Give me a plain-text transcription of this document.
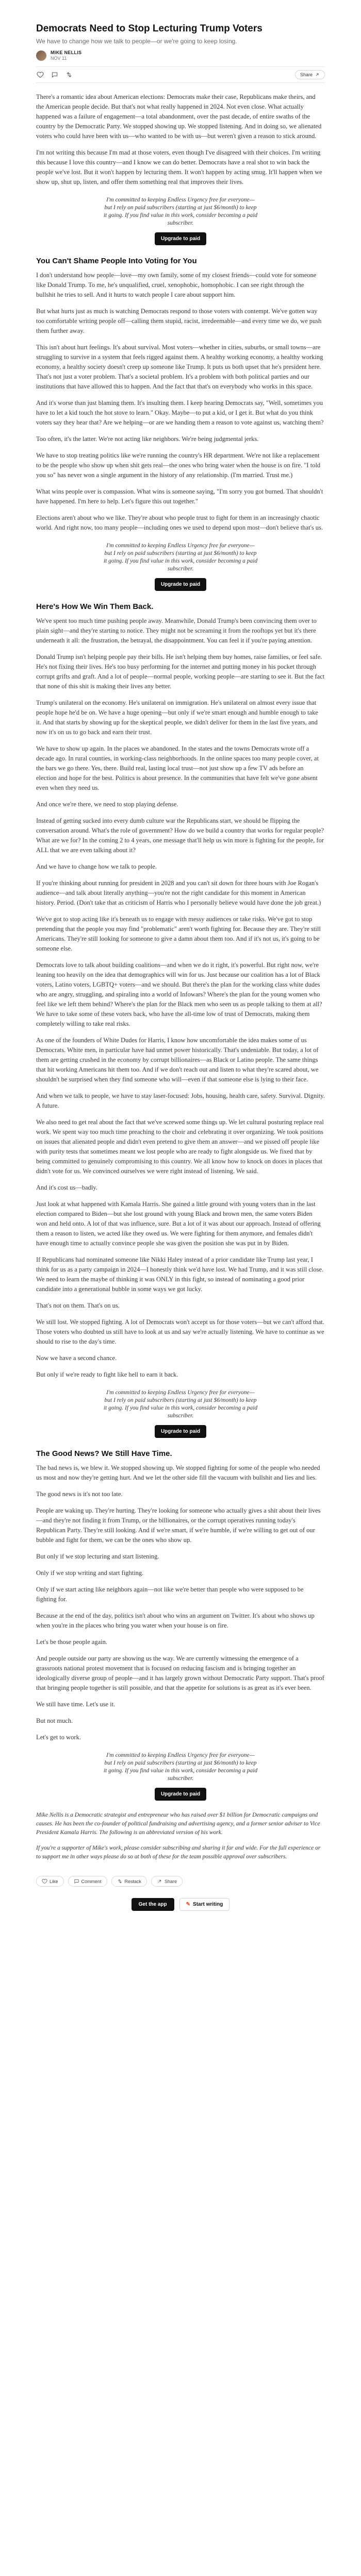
Democrats Need to Stop Lecturing Trump Voters

We have to change how we talk to people—or we're going to keep losing.

MIKE NELLIS
NOV 11
Share

There's a romantic idea about American elections: Democrats make their case, Republicans make theirs, and the American people decide. But that's not what really happened in 2024. Not even close. What actually happened was a failure of engagement—a total abandonment, over the past decade, of entire swaths of the country by the Democratic Party. We stopped showing up. We stopped listening. And in doing so, we alienated voters who could have been with us—who wanted to be with us—but weren't given a reason to stick around.

I'm not writing this because I'm mad at those voters, even though I've disagreed with their choices. I'm writing this because I love this country—and I know we can do better. Democrats have a real shot to win back the people we've lost. But it won't happen by lecturing them. It won't happen by acting smug. It'll happen when we show up, shut up, listen, and offer them something real that improves their lives.

I'm committed to keeping Endless Urgency free for everyone—but I rely on paid subscribers (starting at just $6/month) to keep it going. If you find value in this work, consider becoming a paid subscriber.

Upgrade to paid
You Can't Shame People Into Voting for You

I don't understand how people—love—my own family, some of my closest friends—could vote for someone like Donald Trump. To me, he's unqualified, cruel, xenophobic, homophobic. I can see right through the bullshit he tries to sell. And it hurts to watch people I care about support him.

But what hurts just as much is watching Democrats respond to those voters with contempt. We've gotten way too comfortable writing people off—calling them stupid, racist, irredeemable—and every time we do, we push them further away.

This isn't about hurt feelings. It's about survival. Most voters—whether in cities, suburbs, or small towns—are struggling to survive in a system that feels rigged against them. A healthy working economy, a healthy working economy, a healthy society doesn't creep up someone like Trump. It puts us both upset that he's president here. That's not just a voter problem. That's a societal problem. It's a problem with both political parties and our institutions that have allowed this to happen. And the fact that that's on everybody who works in this space.

And it's worse than just blaming them. It's insulting them. I keep hearing Democrats say, "Well, sometimes you have to let a kid touch the hot stove to learn." Okay. Maybe—to put a kid, or I get it. But what do you think voters say they hear that? Are we helping—or are we handing them a reason to vote against us, watching them?

Too often, it's the latter. We're not acting like neighbors. We're being judgmental jerks.

We have to stop treating politics like we're running the country's HR department. We're not like a replacement to be the people who show up when shit gets real—the ones who bring water when the house is on fire. "I told you so" has never won a single argument in the history of any relationship. (I'm married. Trust me.)

What wins people over is compassion. What wins is someone saying, "I'm sorry you got burned. That shouldn't have happened. I'm here to help. Let's figure this out together."

Elections aren't about who we like. They're about who people trust to fight for them in an increasingly chaotic world. And right now, too many people—including ones we used to depend upon most—don't believe that's us.

I'm committed to keeping Endless Urgency free for everyone—but I rely on paid subscribers (starting at just $6/month) to keep it going. If you find value in this work, consider becoming a paid subscriber.

Upgrade to paid
Here's How We Win Them Back.

We've spent too much time pushing people away. Meanwhile, Donald Trump's been convincing them over to plain sight—and they're starting to notice. They might not be screaming it from the rooftops yet but it's there underneath it all: the frustration, the betrayal, the disappointment. You can feel it if you're paying attention.

Donald Trump isn't helping people pay their bills. He isn't helping them buy homes, raise families, or feel safe. He's not fixing their lives. He's too busy performing for the internet and putting money in his pocket through corrupt grifts and graft. And a lot of people—normal people, working people—are starting to see it. But the fact that none of this shit is making their lives any better.

Trump's unilateral on the economy. He's unilateral on immigration. He's unilateral on almost every issue that people hope he'd be on. We have a huge opening—but only if we're smart enough and humble enough to take it. And that starts by showing up for the skeptical people, we didn't deliver for them in the last five years, and now it's on us to go back and earn their trust.

We have to show up again. In the places we abandoned. In the states and the towns Democrats wrote off a decade ago. In rural counties, in working-class neighborhoods. In the online spaces too many people cover, at the bars we go there. Yes, there. Build real, lasting local trust—not just show up a few TV ads before an election and hope for the best. Politics is about presence. In the communities that have felt we've gone absent even when they need us.

And once we're there, we need to stop playing defense.

Instead of getting sucked into every dumb culture war the Republicans start, we should be flipping the conversation around. What's the role of government? How do we build a country that works for regular people? What are we for? In the coming 2 to 4 years, one message that'll help us win more is fighting for the people, for ALL that we are even talking about it?

And we have to change how we talk to people.

If you're thinking about running for president in 2028 and you can't sit down for three hours with Joe Rogan's audience—and talk about literally anything—you're not the right candidate for this moment in American history. Period. (Don't take that as criticism of Harris who I personally believe would have done the job great.)

We've got to stop acting like it's beneath us to engage with messy audiences or take risks. We've got to stop pretending that the people you may find "problematic" aren't worth fighting for. Because they are. They're still Americans. They're still looking for someone to give a damn about them too. And if it's not us, it's going to be someone else.

Democrats love to talk about building coalitions—and when we do it right, it's powerful. But right now, we're leaning too heavily on the idea that demographics will win for us. Just because our coalition has a lot of Black voters, Latino voters, LGBTQ+ voters—and we should. But there's the plan for the working class white dudes who are angry, struggling, and spiraling into a world of Infowars? Where's the plan for the young women who feel like we left them behind? Where's the plan for the Black men who seen us as people talking to them at all? We have to take some of these voters back, who have the all-time low of trust of Democrats, making them completely willing to take real risks.

As one of the founders of White Dudes for Harris, I know how uncomfortable the idea makes some of us Democrats. White men, in particular have had unmet power historically. That's undeniable. But today, a lot of them are getting crushed in the economy by corrupt billionaires—as Black or Latino people. The same things that hit working Americans hit them too. And if we don't reach out and listen to what they're scared about, we shouldn't be surprised when they find someone who will—even if that someone else is lying to their face.

And when we talk to people, we have to stay laser-focused: Jobs, housing, health care, safety. Survival. Dignity. A future.

We also need to get real about the fact that we've screwed some things up. We let cultural posturing replace real work. We spent way too much time preaching to the choir and celebrating it over organizing. We took positions on issues that alienated people and didn't even pretend to give them an answer—and we pissed off people like with purity tests that sometimes meant we lost people who are ready to fight alongside us. We fixed that by being committed to genuinely compromising to this country. We all know how to knock on doors in places that didn't vote for us. We convinced ourselves we were right instead of listening. We said.

And it's cost us—badly.

Just look at what happened with Kamala Harris. She gained a little ground with young voters than in the last election compared to Biden—but she lost ground with young Black and brown men, the same voters Biden won and held onto. A lot of that was influence, sure. But a lot of it was about our approach. Instead of offering them a reason to listen, we acted like they owed us. We were fighting for them anymore, and females didn't have enough time to actually convince people she was given the position she was put in by Biden.

If Republicans had nominated someone like Nikki Haley instead of a prior candidate like Trump last year, I think for us as a party campaign in 2024—I honestly think we'd have lost. We had Trump, and it was still close. We need to learn the maybe of thinking it was ONLY in this fight, so instead of nominating a good prior candidate into a generational bubble in some ways we got lucky.

That's not on them. That's on us.

We still lost. We stopped fighting. A lot of Democrats won't accept us for those voters—but we can't afford that. Those voters who doubted us still have to look at us and say we're actually listening. We have to continue as we should to rise to the day's time.

Now we have a second chance.

But only if we're ready to fight like hell to earn it back.

I'm committed to keeping Endless Urgency free for everyone—but I rely on paid subscribers (starting at just $6/month) to keep it going. If you find value in this work, consider becoming a paid subscriber.

Upgrade to paid
The Good News? We Still Have Time.

The bad news is, we blew it. We stopped showing up. We stopped fighting for some of the people who needed us most and now they're getting hurt. And we let the other side fill the vacuum with bullshit and lies and lies.

The good news is it's not too late.

People are waking up. They're hurting. They're looking for someone who actually gives a shit about their lives—and they're not finding it from Trump, or the billionaires, or the corrupt operatives running today's Republican Party. They're still looking. And if we're smart, if we're humble, if we're willing to get out of our bubble and fight for them, we can be the ones who show up.

But only if we stop lecturing and start listening.

Only if we stop writing and start fighting.

Only if we start acting like neighbors again—not like we're better than people who were supposed to be fighting for.

Because at the end of the day, politics isn't about who wins an argument on Twitter. It's about who shows up when you're in the places who bring you water when your house is on fire.

Let's be those people again.

And people outside our party are showing us the way. We are currently witnessing the emergence of a grassroots national protest movement that is focused on reducing fascism and is bringing together an ideologically diverse group of people—and it has largely grown without Democratic Party support. That's proof that bringing people together is still possible, and that the appetite for solutions is as great as it's ever been.

We still have time. Let's use it.

But not much.

Let's get to work.

I'm committed to keeping Endless Urgency free for everyone—but I rely on paid subscribers (starting at just $6/month) to keep it going. If you find value in this work, consider becoming a paid subscriber.

Upgrade to paid

Mike Nellis is a Democratic strategist and entrepreneur who has raised over $1 billion for Democratic campaigns and causes. He has been the co-founder of political fundraising and advertising agency, and a former senior adviser to Vice President Kamala Harris. The following is an abbreviated version of his work.

If you're a supporter of Mike's work, please consider subscribing and sharing it far and wide. For the full experience or to support me in other ways please do so at both of these for the team possible approval over subscribers.

Like	Comment	Restack	Share
Get the app	✎ Start writing
